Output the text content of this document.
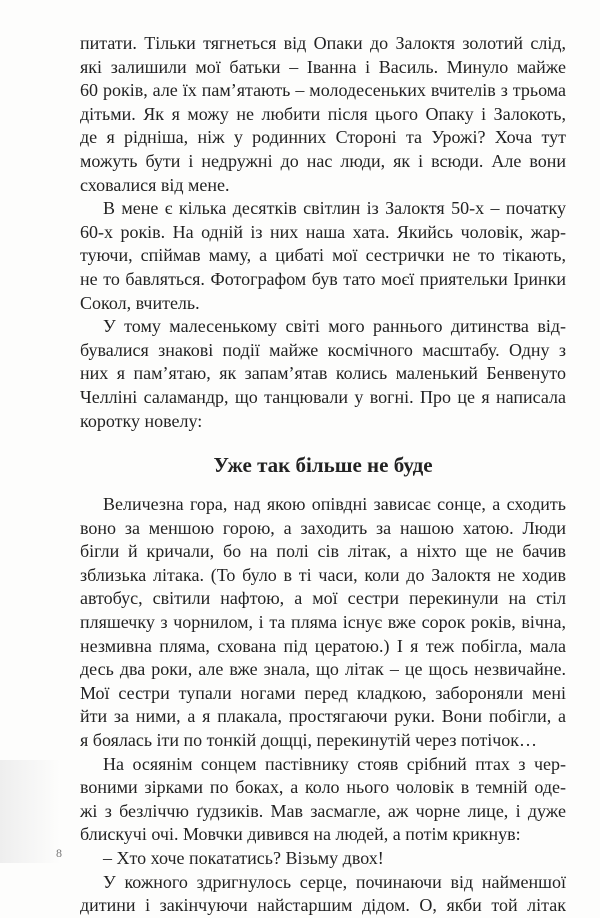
питати. Тільки тягнеться від Опаки до Залоктя золотий слід,
які залишили мої батьки – Іванна і Василь. Минуло майже
60 років, але їх пам’ятають – молодесеньких вчителів з трьома
дітьми. Як я можу не любити після цього Опаку і Залокоть,
де я рідніша, ніж у родинних Стороні та Урожі? Хоча тут
можуть бути і недружні до нас люди, як і всюди. Але вони
сховалися від мене.
В мене є кілька десятків світлин із Залоктя 50-х – початку
60-х років. На одній із них наша хата. Якийсь чоловік, жар-
туючи, спіймав маму, а цибаті мої сестрички не то тікають,
не то бавляться. Фотографом був тато моєї приятельки Іринки
Сокол, вчитель.
У тому малесенькому світі мого раннього дитинства від-
бувалися знакові події майже космічного масштабу. Одну з
них я пам’ятаю, як запам’ятав колись маленький Бенвенуто
Челліні саламандр, що танцювали у вогні. Про це я написала
коротку новелу:
Уже так більше не буде
Величезна гора, над якою опівдні зависає сонце, а сходить
воно за меншою горою, а заходить за нашою хатою. Люди
бігли й кричали, бо на полі сів літак, а ніхто ще не бачив
зблизька літака. (То було в ті часи, коли до Залоктя не ходив
автобус, світили нафтою, а мої сестри перекинули на стіл
пляшечку з чорнилом, і та пляма існує вже сорок років, вічна,
незмивна пляма, схована під цератою.) І я теж побігла, мала
десь два роки, але вже знала, що літак – це щось незвичайне.
Мої сестри тупали ногами перед кладкою, забороняли мені
йти за ними, а я плакала, простягаючи руки. Вони побігли, а
я боялась іти по тонкій дощці, перекинутій через потічок…
На осяянім сонцем пастівнику стояв срібний птах з чер-
воними зірками по боках, а коло нього чоловік в темній оде-
жі з безліччю ґудзиків. Мав засмагле, аж чорне лице, і дуже
блискучі очі. Мовчки дивився на людей, а потім крикнув:
– Хто хоче покататись? Візьму двох!
У кожного здригнулось серце, починаючи від найменшої
дитини і закінчуючи найстаршим дідом. О, якби той літак
8
